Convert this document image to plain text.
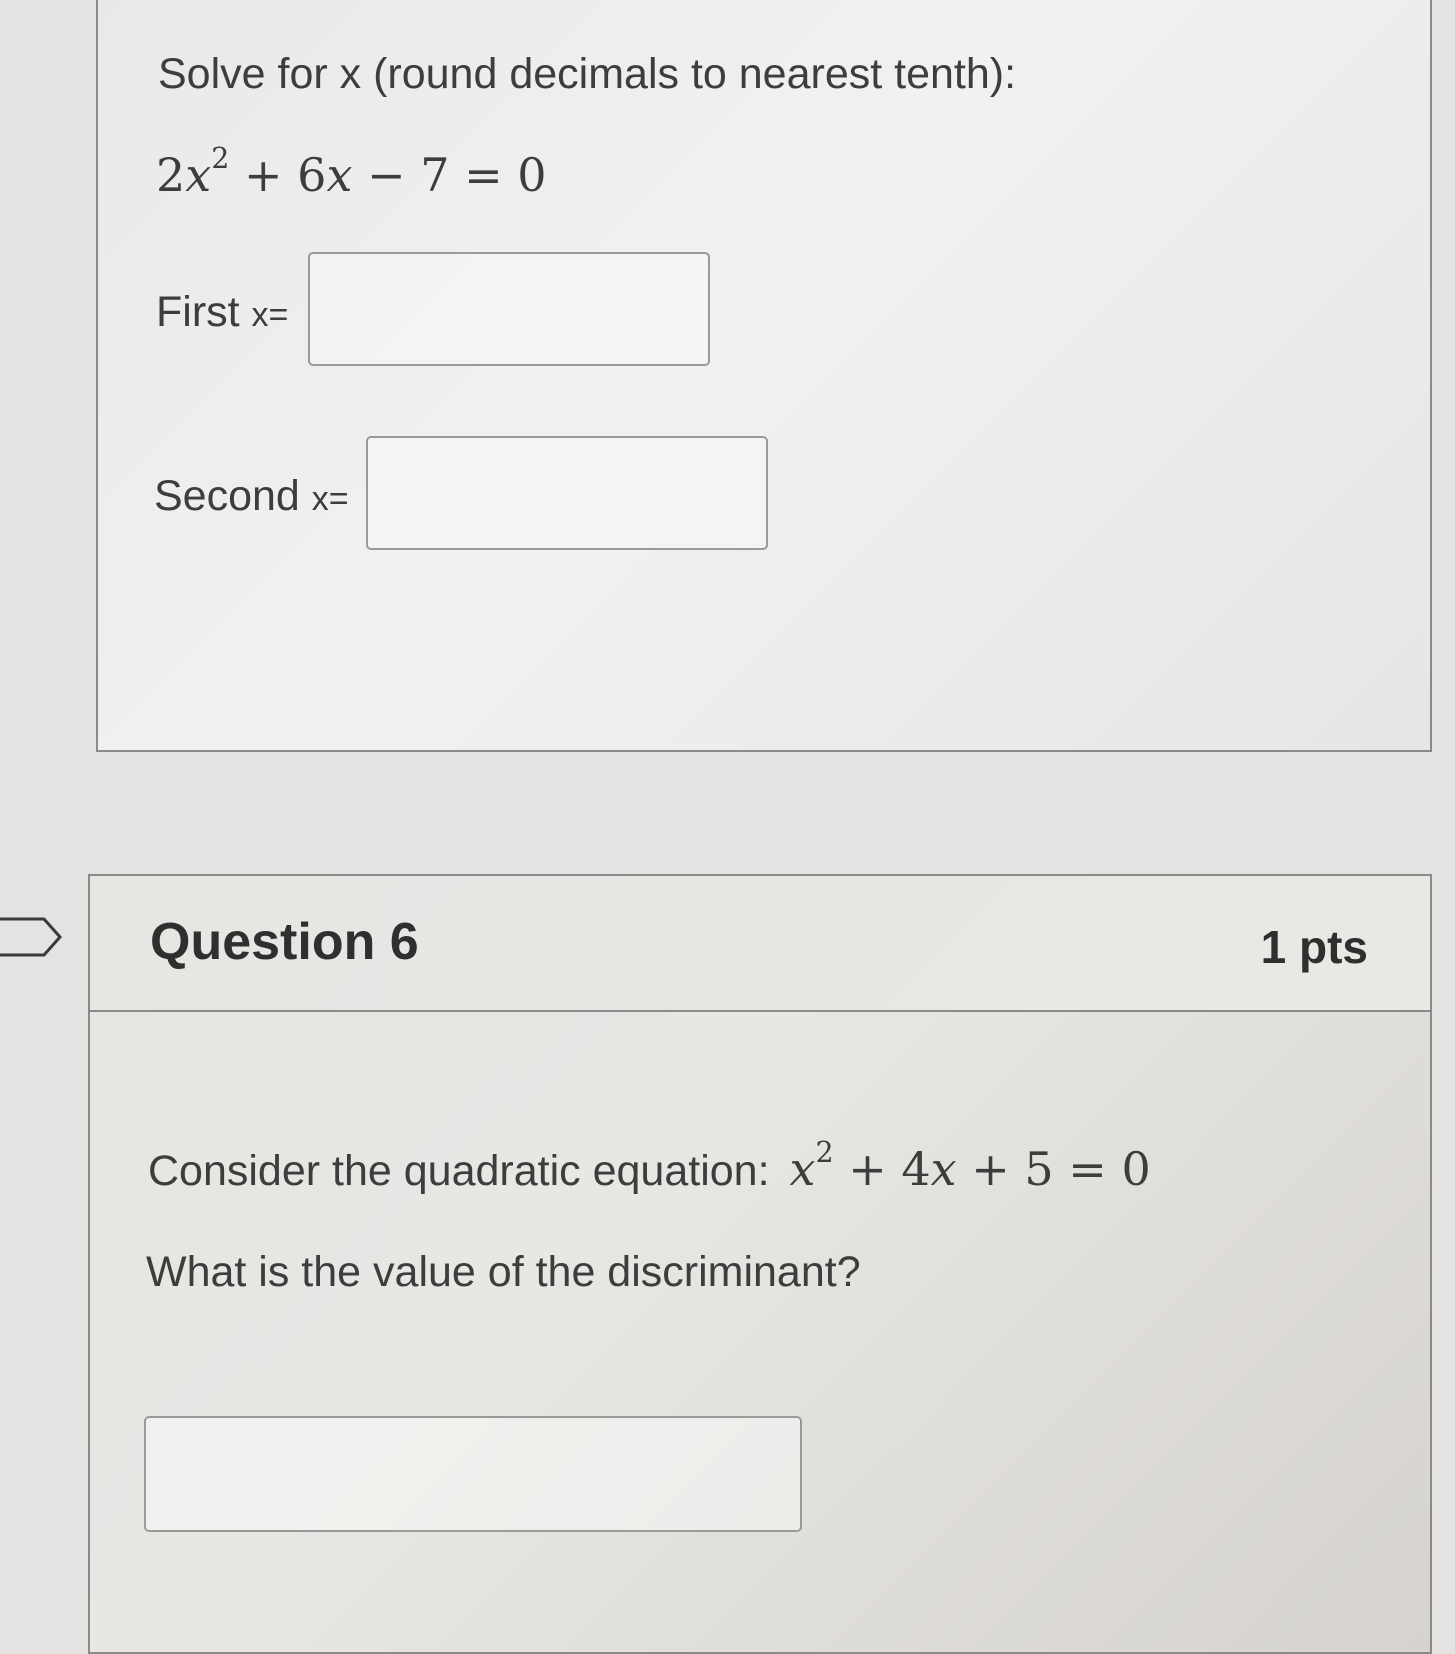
Solve for x (round decimals to nearest tenth):
$2x^2 + 6x - 7 = 0$
First x=
Second x=
Question 6	1 pts
Consider the quadratic equation: $x^2 + 4x + 5 = 0$
What is the value of the discriminant?
